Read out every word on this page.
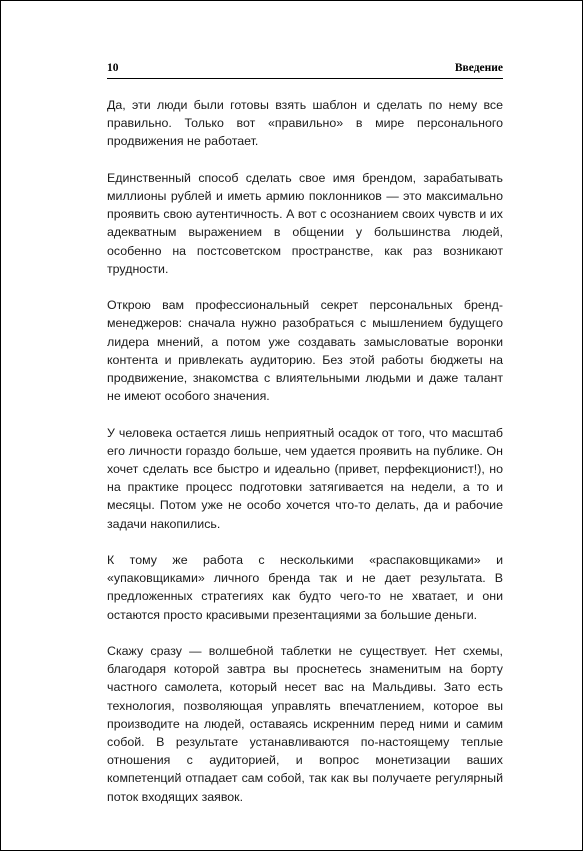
10	Введение

Да, эти люди были готовы взять шаблон и сделать по нему все правильно. Только вот «правильно» в мире персонального продвижения не работает.

Единственный способ сделать свое имя брендом, зарабатывать миллионы рублей и иметь армию поклонников — это максимально проявить свою аутентичность. А вот с осознанием своих чувств и их адекватным выражением в общении у большинства людей, особенно на постсоветском пространстве, как раз возникают трудности.

Открою вам профессиональный секрет персональных бренд-менеджеров: сначала нужно разобраться с мышлением будущего лидера мнений, а потом уже создавать замысловатые воронки контента и привлекать аудиторию. Без этой работы бюджеты на продвижение, знакомства с влиятельными людьми и даже талант не имеют особого значения.

У человека остается лишь неприятный осадок от того, что масштаб его личности гораздо больше, чем удается проявить на публике. Он хочет сделать все быстро и идеально (привет, перфекционист!), но на практике процесс подготовки затягивается на недели, а то и месяцы. Потом уже не особо хочется что-то делать, да и рабочие задачи накопились.

К тому же работа с несколькими «распаковщиками» и «упаковщиками» личного бренда так и не дает результата. В предложенных стратегиях как будто чего-то не хватает, и они остаются просто красивыми презентациями за большие деньги.

Скажу сразу — волшебной таблетки не существует. Нет схемы, благодаря которой завтра вы проснетесь знаменитым на борту частного самолета, который несет вас на Мальдивы. Зато есть технология, позволяющая управлять впечатлением, которое вы производите на людей, оставаясь искренним перед ними и самим собой. В результате устанавливаются по-настоящему теплые отношения с аудиторией, и вопрос монетизации ваших компетенций отпадает сам собой, так как вы получаете регулярный поток входящих заявок.
